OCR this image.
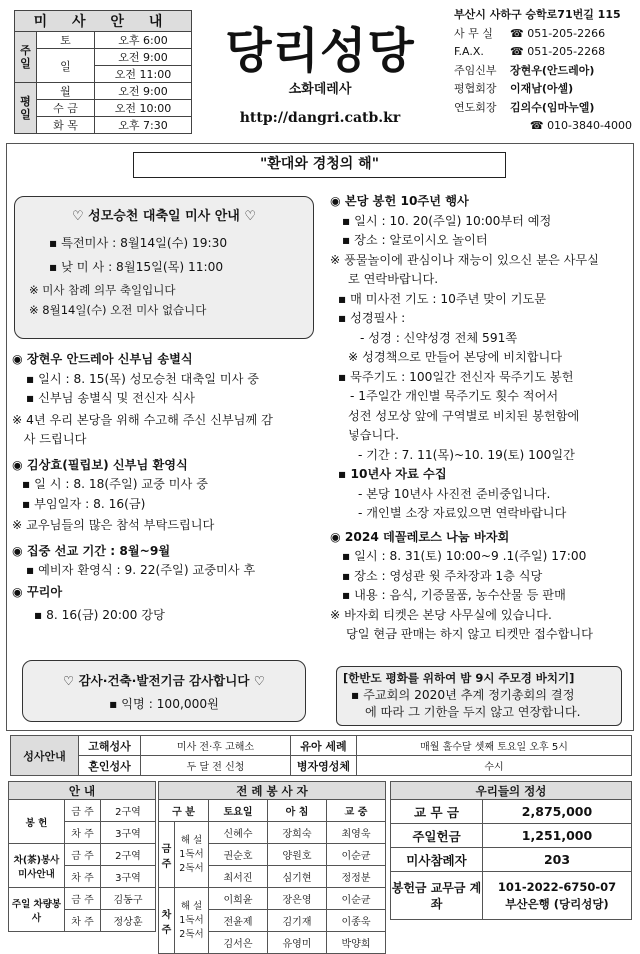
미 사 안 내		
주일	토	오후 6:00
	일	오전 9:00
		오전 11:00
평일	월	오전 9:00
	수 금	오전 10:00
	화 목	오후 7:30
당리성당
소화데레사
http://dangri.catb.kr
부산시 사하구 승학로71번길 115
사 무 실 ☎ 051-205-2266
F.A.X. ☎ 051-205-2268
주임신부 장현우(안드레아)
평협회장 이재남(아셀)
연도회장 김의수(임마누엘)
☎ 010-3840-4000
"환대와 경청의 해"
♡ 성모승천 대축일 미사 안내 ♡
▪ 특전미사 : 8월14일(수) 19:30
▪ 낮 미 사 : 8월15일(목) 11:00
※ 미사 참례 의무 축일입니다
※ 8월14일(수) 오전 미사 없습니다
◉ 장현우 안드레아 신부님 송별식
▪ 일시 : 8. 15(목) 성모승천 대축일 미사 중
▪ 신부님 송별식 및 전신자 식사
※ 4년 우리 본당을 위해 수고해 주신 신부님께 감
사 드립니다
◉ 김상효(필립보) 신부님 환영식
▪ 일 시 : 8. 18(주일) 교중 미사 중
▪ 부임일자 : 8. 16(금)
※ 교우님들의 많은 참석 부탁드립니다
◉ 집중 선교 기간 : 8월~9월
▪ 예비자 환영식 : 9. 22(주일) 교중미사 후
◉ 꾸리아
▪ 8. 16(금) 20:00 강당
♡ 감사·건축·발전기금 감사합니다 ♡
▪ 익명 : 100,000원
◉ 본당 봉헌 10주년 행사
▪ 일시 : 10. 20(주일) 10:00부터 예정
▪ 장소 : 알로이시오 놀이터
※ 풍물놀이에 관심이나 재능이 있으신 분은 사무실
로 연락바랍니다.
▪ 매 미사전 기도 : 10주년 맞이 기도문
▪ 성경필사 :
- 성경 : 신약성경 전체 591쪽
※ 성경책으로 만들어 본당에 비치합니다
▪ 묵주기도 : 100일간 전신자 묵주기도 봉헌
- 1주일간 개인별 묵주기도 횟수 적어서
성전 성모상 앞에 구역별로 비치된 봉헌함에
넣습니다.
- 기간 : 7. 11(목)~10. 19(토) 100일간
▪ 10년사 자료 수집
- 본당 10년사 사진전 준비중입니다.
- 개인별 소장 자료있으면 연락바랍니다
◉ 2024 데꼴레로스 나눔 바자회
▪ 일시 : 8. 31(토) 10:00~9 .1(주일) 17:00
▪ 장소 : 영성관 윗 주차장과 1층 식당
▪ 내용 : 음식, 기증물품, 농수산물 등 판매
※ 바자회 티켓은 본당 사무실에 있습니다.
당일 현금 판매는 하지 않고 티켓만 접수합니다
[한반도 평화를 위하여 밤 9시 주모경 바치기]
▪ 주교회의 2020년 추계 정기총회의 결정
에 따라 그 기한을 두지 않고 연장합니다.
성사안내	고해성사	미사 전·후 고해소	유아 세례	매월 홀수달 셋째 토요일 오후 5시
	혼인성사	두 달 전 신청	병자영성체	수시
안 내		
봉 헌	금 주	2구역
	차 주	3구역
차(茶)봉사 미사안내	금 주	2구역
	차 주	3구역
주일 차량봉사	금 주	김동구
	차 주	정상훈
전 례 봉 사 자				
구 분		토요일	아 침	교 중
금주	해 설
1독서
2독서	신혜수	장희숙	최영욱
		권순호	양원호	이순균
		최서진	심기현	정정분
차주	해 설
1독서
2독서	이희윤	장은영	이순균
		전윤제	김기재	이종욱
		김서은	유영미	박양희
우리들의 정성	
교 무 금	2,875,000
주일헌금	1,251,000
미사참례자	203
봉헌금 교무금 계좌	101-2022-6750-07
부산은행 (당리성당)
